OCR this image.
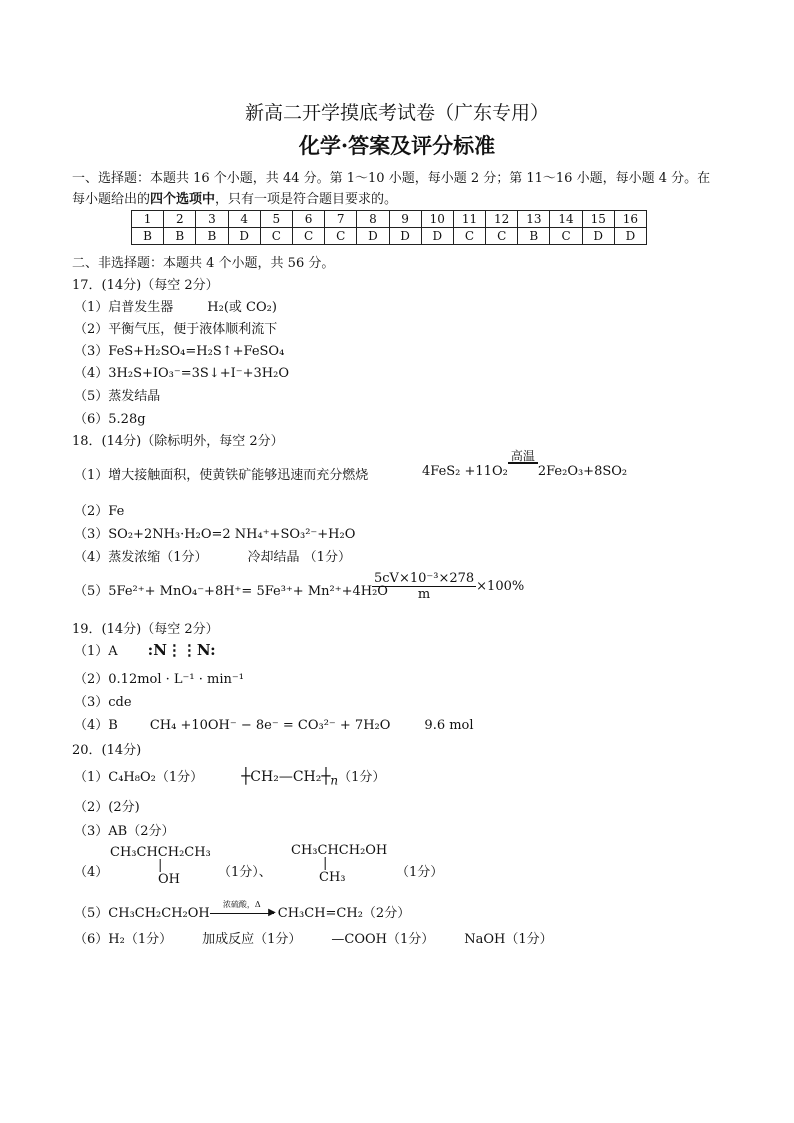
新高二开学摸底考试卷（广东专用）
化学·答案及评分标准
一、选择题：本题共 16 个小题，共 44 分。第 1～10 小题，每小题 2 分；第 11～16 小题，每小题 4 分。在
每小题给出的四个选项中，只有一项是符合题目要求的。
1	2	3	4	5	6	7	8	9	10	11	12	13	14	15	16
B	B	B	D	C	C	C	D	D	D	C	C	B	C	D	D
二、非选择题：本题共 4 个小题，共 56 分。
17．(14分)（每空 2分）
（1）启普发生器	H₂(或 CO₂)
（2）平衡气压，便于液体顺利流下
（3）FeS+H₂SO₄=H₂S↑+FeSO₄
（4）3H₂S+IO₃⁻=3S↓+I⁻+3H₂O
（5）蒸发结晶
（6）5.28g
18．(14分)（除标明外，每空 2分）
（1）增大接触面积，使黄铁矿能够迅速而充分燃烧	4FeS₂ +11O₂
高温
2Fe₂O₃+8SO₂
（2）Fe
（3）SO₂+2NH₃·H₂O=2 NH₄⁺+SO₃²⁻+H₂O
（4）蒸发浓缩（1分）	冷却结晶 （1分）
（5）5Fe²⁺+ MnO₄⁻+8H⁺= 5Fe³⁺+ Mn²⁺+4H₂O
$\frac{\text{5cV×10⁻³×278}}{m} \times 100\%$
19．(14分)（每空 2分）
（1）A :N⋮⋮N:
（2）0.12mol · L⁻¹ · min⁻¹
（3）cde
（4）B CH₄ +10OH⁻ − 8e⁻ = CO₃²⁻ + 7H₂O	9.6 mol
20．(14分)
（1）C₄H₈O₂（1分）	$┼CH_2—CH_2┼_n(1$分）
（2）(2分)
（3）AB（2分）
（4）
CH₃CHCH₂CH₃
|
OH	（1分）、
CH₃CHCH₂OH
|
CH₃	（1分）
（5）CH₃CH₂CH₂OH
浓硫酸，Δ
▶ CH₃CH=CH₂（2分）
（6）H₂（1分） 加成反应（1分） —COOH（1分） NaOH（1分）
